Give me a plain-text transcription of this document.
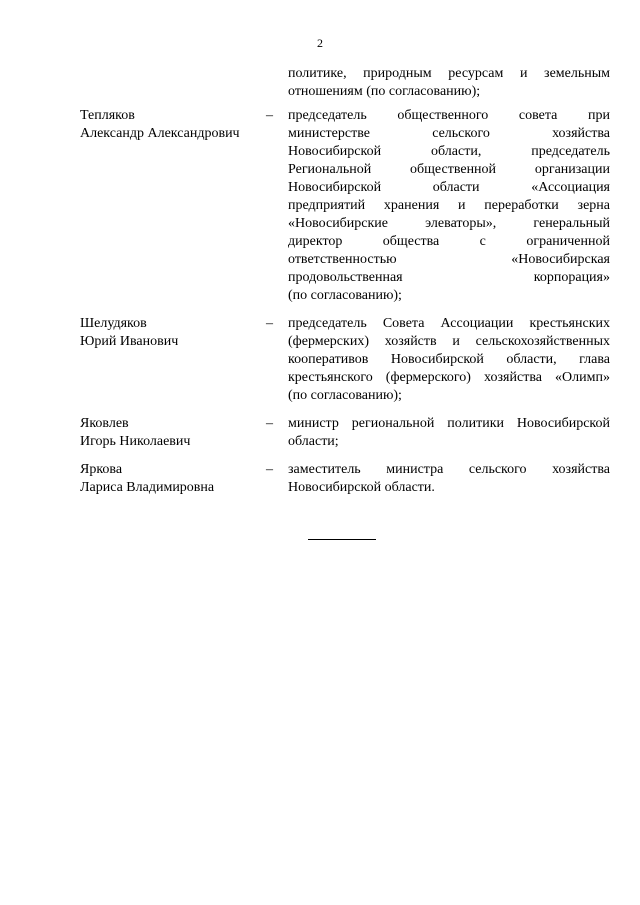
2
политике, природным ресурсам и земельным
отношениям (по согласованию);
Тепляков
Александр Александрович
– председатель общественного совета при
министерстве сельского хозяйства
Новосибирской области, председатель
Региональной общественной организации
Новосибирской области «Ассоциация
предприятий хранения и переработки зерна
«Новосибирские элеваторы», генеральный
директор общества с ограниченной
ответственностью «Новосибирская
продовольственная корпорация»
(по согласованию);
Шелудяков
Юрий Иванович
– председатель Совета Ассоциации крестьянских
(фермерских) хозяйств и сельскохозяйственных
кооперативов Новосибирской области, глава
крестьянского (фермерского) хозяйства «Олимп»
(по согласованию);
Яковлев
Игорь Николаевич
– министр региональной политики Новосибирской
области;
Яркова
Лариса Владимировна
– заместитель министра сельского хозяйства
Новосибирской области.
